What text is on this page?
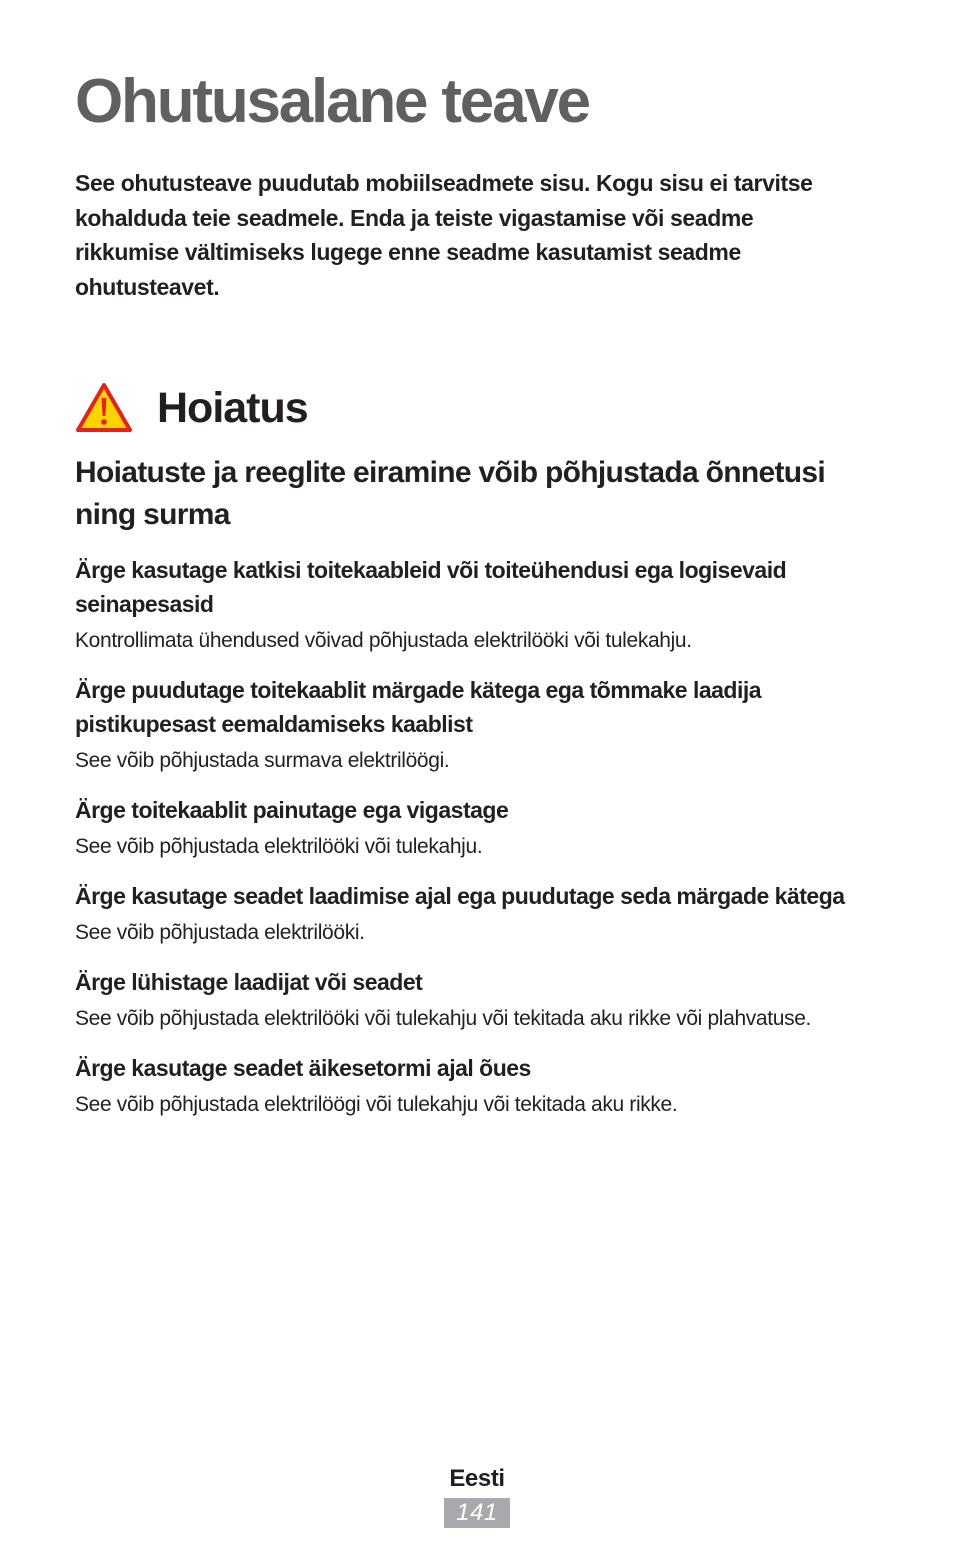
Ohutusalane teave

See ohutusteave puudutab mobiilseadmete sisu. Kogu sisu ei tarvitse kohalduda teie seadmele. Enda ja teiste vigastamise või seadme rikkumise vältimiseks lugege enne seadme kasutamist seadme ohutusteavet.

Hoiatus
Hoiatuste ja reeglite eiramine võib põhjustada õnnetusi ning surma

Ärge kasutage katkisi toitekaableid või toiteühendusi ega logisevaid seinapesasid

Kontrollimata ühendused võivad põhjustada elektrilööki või tulekahju.

Ärge puudutage toitekaablit märgade kätega ega tõmmake laadija pistikupesast eemaldamiseks kaablist

See võib põhjustada surmava elektrilöögi.

Ärge toitekaablit painutage ega vigastage

See võib põhjustada elektrilööki või tulekahju.

Ärge kasutage seadet laadimise ajal ega puudutage seda märgade kätega

See võib põhjustada elektrilööki.

Ärge lühistage laadijat või seadet

See võib põhjustada elektrilööki või tulekahju või tekitada aku rikke või plahvatuse.

Ärge kasutage seadet äikesetormi ajal õues

See võib põhjustada elektrilöögi või tulekahju või tekitada aku rikke.

Eesti
141
